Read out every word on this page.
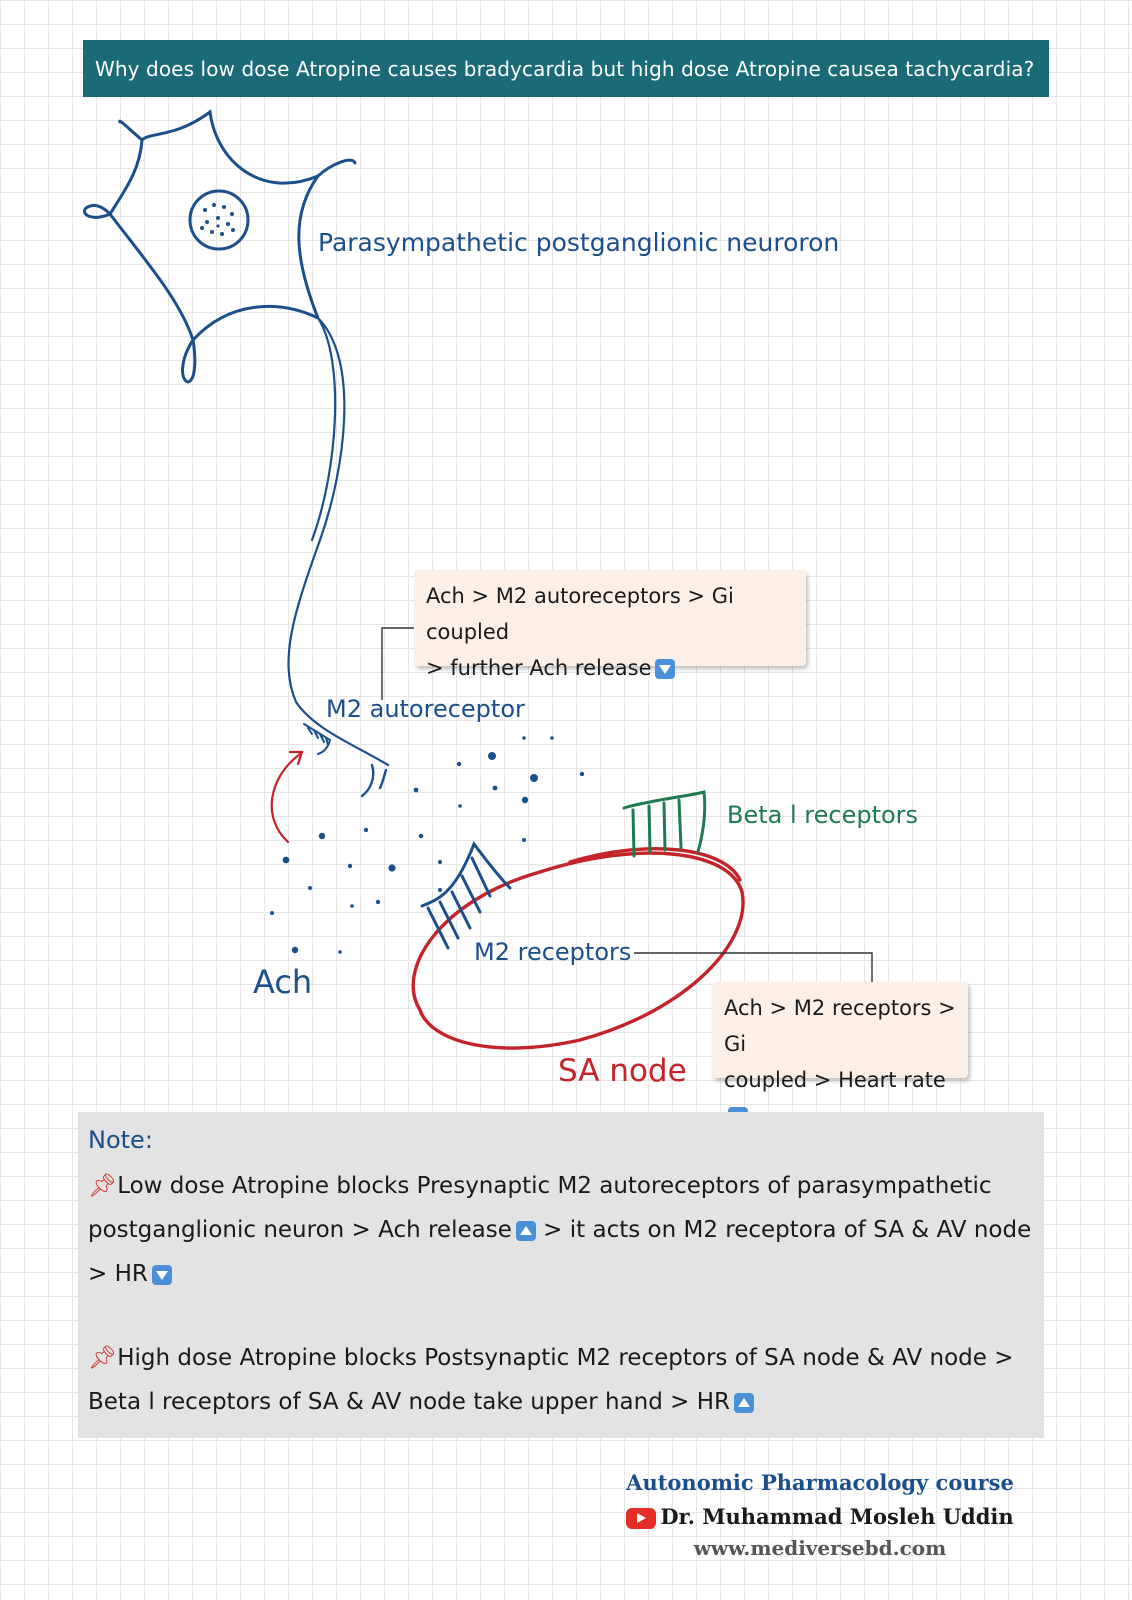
Why does low dose Atropine causes bradycardia but high dose Atropine causea tachycardia?
Parasympathetic postganglionic neuroron
M2 autoreceptor
Beta l receptors
M2 receptors
Ach
SA node
Ach > M2 autoreceptors > Gi coupled
> further Ach release
Ach > M2 receptors > Gi
coupled > Heart rate
Note:
📌︎Low dose Atropine blocks Presynaptic M2 autoreceptors of parasympathetic postganglionic neuron > Ach release > it acts on M2 receptora of SA & AV node > HR
📌︎High dose Atropine blocks Postsynaptic M2 receptors of SA node & AV node > Beta l receptors of SA & AV node take upper hand > HR
Autonomic Pharmacology course
Dr. Muhammad Mosleh Uddin
www.mediversebd.com
